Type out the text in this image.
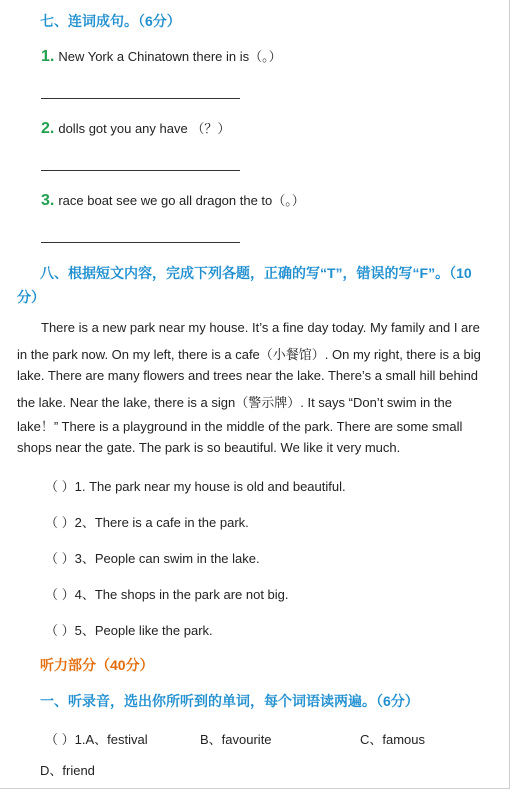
七、连词成句。（6分）
1. New York a Chinatown there in is（。）
2. dolls got you any have （？）
3. race boat see we go all dragon the to（。）
八、根据短文内容，完成下列各题，正确的写“T”，错误的写“F”。（10
分）
There is a new park near my house. It’s a fine day today. My family and I are
in the park now. On my left, there is a cafe（小餐馆）. On my right, there is a big
lake. There are many flowers and trees near the lake. There’s a small hill behind
the lake. Near the lake, there is a sign（警示牌）. It says “Don’t swim in the
lake！” There is a playground in the middle of the park. There are some small
shops near the gate. The park is so beautiful. We like it very much.
（ ）1. The park near my house is old and beautiful.
（ ）2、There is a cafe in the park.
（ ）3、People can swim in the lake.
（ ）4、The shops in the park are not big.
（ ）5、People like the park.
听力部分（40分）
一、听录音，选出你所听到的单词，每个词语读两遍。（6分）
（ ）1.A、festival	B、favourite	C、famous
D、friend
